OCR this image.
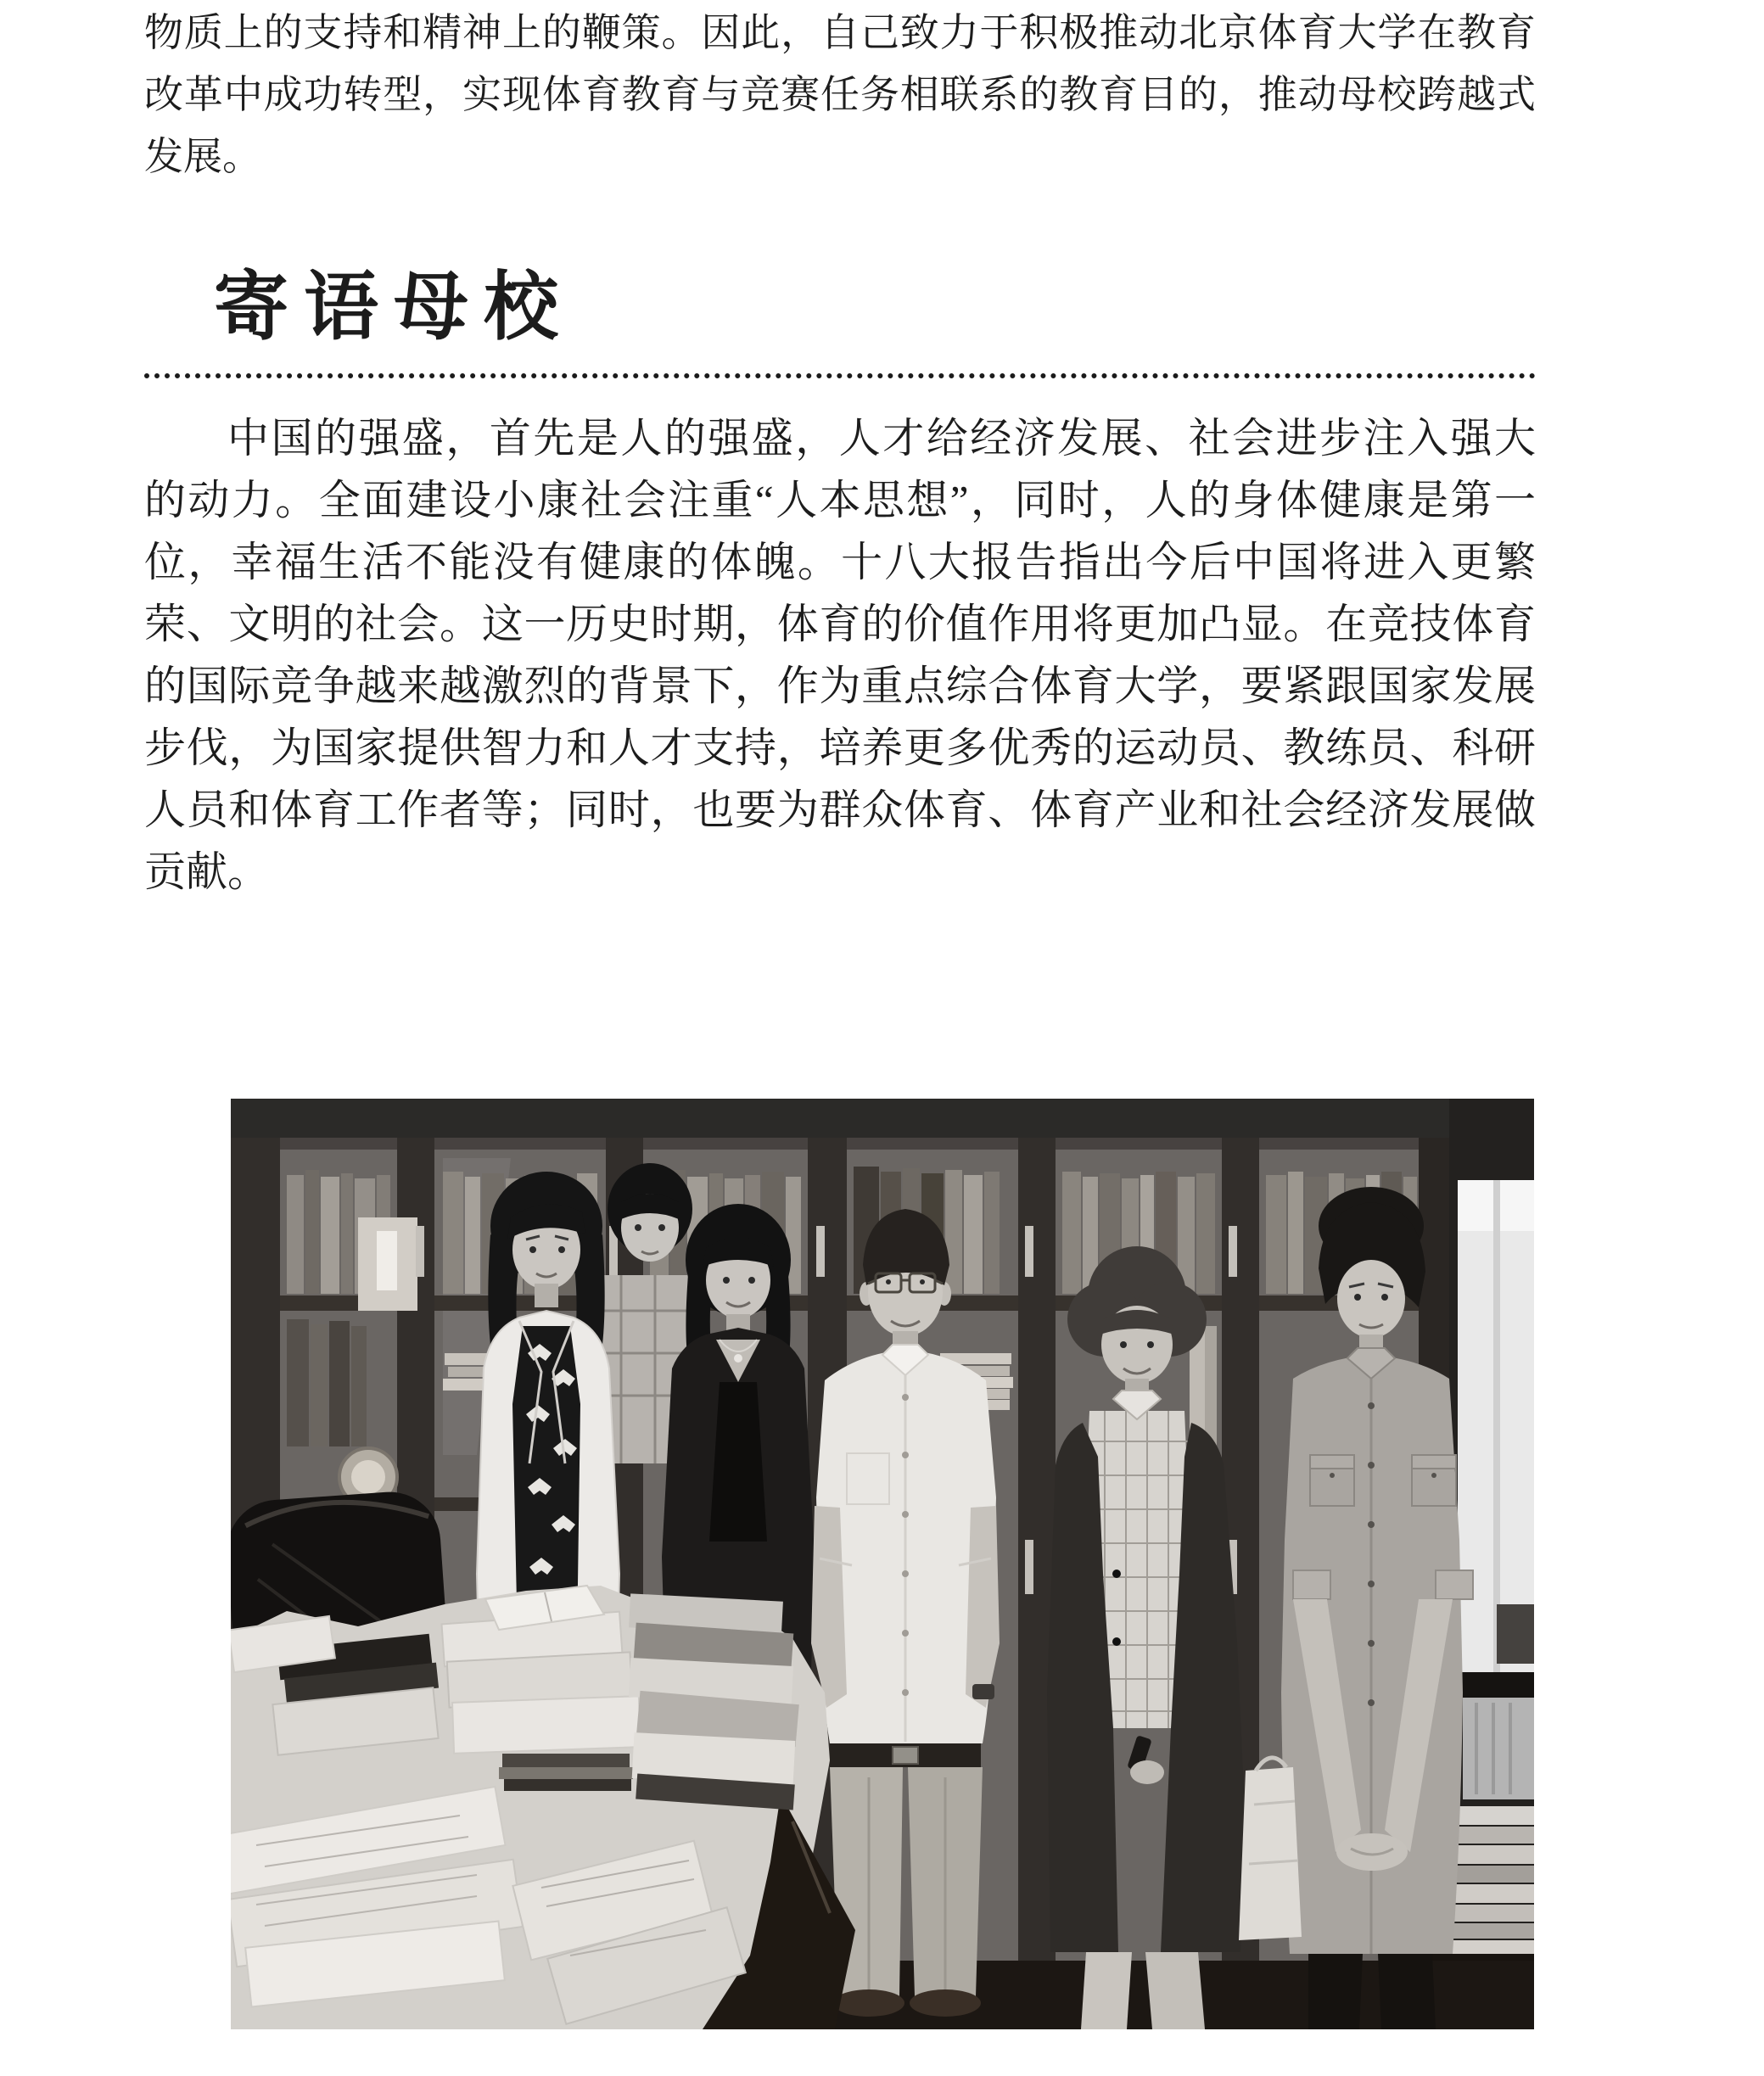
物质上的支持和精神上的鞭策。因此，自己致力于积极推动北京体育大学在教育
改革中成功转型，实现体育教育与竞赛任务相联系的教育目的，推动母校跨越式
发展。
寄语母校
中国的强盛，首先是人的强盛，人才给经济发展、社会进步注入强大
的动力。全面建设小康社会注重“人本思想”，同时，人的身体健康是第一
位，幸福生活不能没有健康的体魄。十八大报告指出今后中国将进入更繁
荣、文明的社会。这一历史时期，体育的价值作用将更加凸显。在竞技体育
的国际竞争越来越激烈的背景下，作为重点综合体育大学，要紧跟国家发展
步伐，为国家提供智力和人才支持，培养更多优秀的运动员、教练员、科研
人员和体育工作者等；同时，也要为群众体育、体育产业和社会经济发展做
贡献。
